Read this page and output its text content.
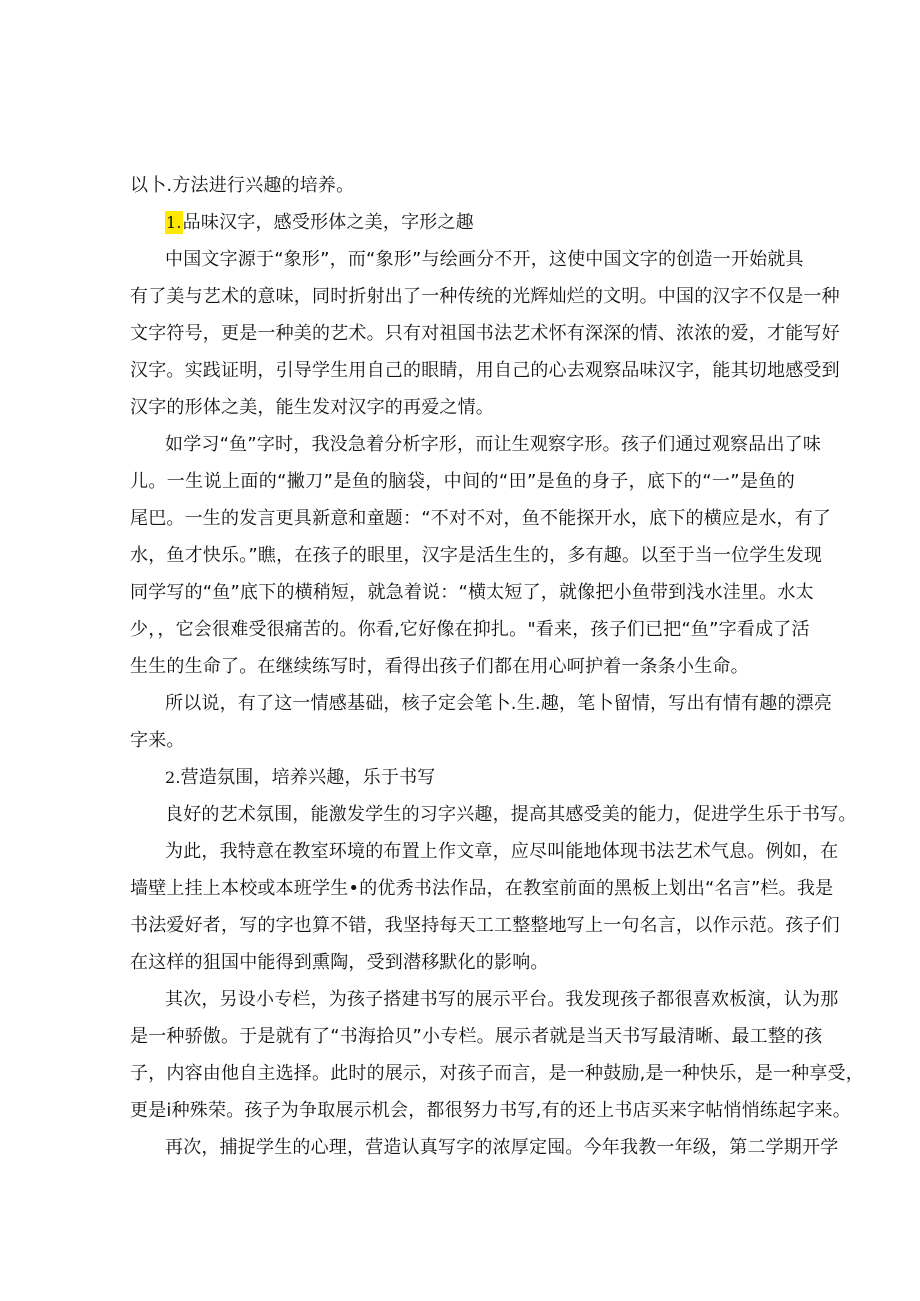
以卜.方法进行兴趣的培养。

1.品味汉字，感受形体之美，字形之趣

中国文字源于“象形”，而“象形”与绘画分不开，这使中国文字的创造一开始就具

有了美与艺术的意味，同时折射出了一种传统的光辉灿烂的文明。中国的汉字不仅是一种

文字符号，更是一种美的艺术。只有对祖国书法艺术怀有深深的情、浓浓的爱，才能写好

汉字。实践证明，引导学生用自己的眼睛，用自己的心去观察品味汉字，能其切地感受到

汉字的形体之美，能生发对汉字的再爱之情。

如学习“鱼”字时，我没急着分析字形，而让生观察字形。孩子们通过观察品出了味

儿。一生说上面的“撇刀”是鱼的脑袋，中间的“田”是鱼的身子，底下的“一”是鱼的

尾巴。一生的发言更具新意和童题：“不对不对，鱼不能探开水，底下的横应是水，有了

水，鱼才快乐。”瞧，在孩子的眼里，汉字是活生生的，多有趣。以至于当一位学生发现

同学写的“鱼”底下的横稍短，就急着说：“横太短了，就像把小鱼带到浅水洼里。水太

少，，它会很难受很痛苦的。你看,它好像在抑扎。"看来，孩子们已把“鱼”字看成了活

生生的生命了。在继续练写时，看得出孩子们都在用心呵护着一条条小生命。

所以说，有了这一情感基础，核子定会笔卜.生.趣，笔卜留情，写出有情有趣的漂亮

字来。

2.营造氛围，培养兴趣，乐于书写

良好的艺术氛围，能激发学生的习字兴趣，提高其感受美的能力，促进学生乐于书写。

为此，我特意在教室环境的布置上作文章，应尽叫能地体现书法艺术气息。例如，在

墙壁上挂上本校或本班学生•的优秀书法作品，在教室前面的黑板上划出“名言”栏。我是

书法爱好者，写的字也算不错，我坚持每天工工整整地写上一句名言，以作示范。孩子们

在这样的狙国中能得到熏陶，受到潜移默化的影响。

其次，另设小专栏，为孩子搭建书写的展示平台。我发现孩子都很喜欢板演，认为那

是一种骄傲。于是就有了“书海拾贝”小专栏。展示者就是当天书写最清晰、最工整的孩

子，内容由他自主选择。此时的展示，对孩子而言，是一种鼓励,是一种快乐，是一种享受，

更是i种殊荣。孩子为争取展示机会，都很努力书写,有的还上书店买来字帖悄悄练起字来。

再次，捕捉学生的心理，营造认真写字的浓厚定囤。今年我教一年级，第二学期开学
